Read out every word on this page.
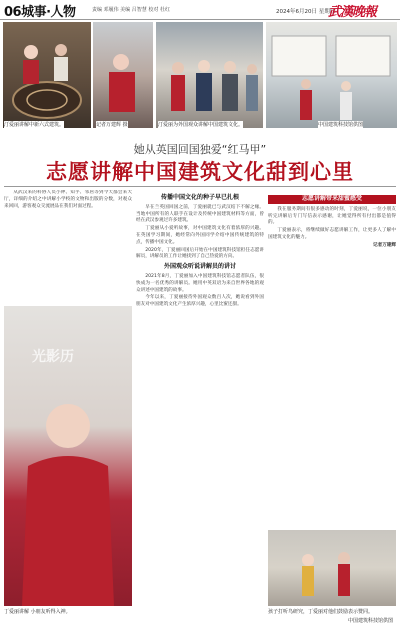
06城事·人物	责编 邓履伟 美编 吕智慧 校对 杜红	2024年6月20日 星期四
武漢晚報
汀爱丽讲解中新六式建筑。	记者万建辉 摄	汀爱丽为外国观众讲解中国建筑文化。	中国建筑科技馆供图
她从英国回国独爱“红马甲”
志愿讲解中国建筑文化甜到心里

从武汉来的科协人员小钟、知乎、邻居等到今天都会来大厅，详细的介绍之中讲解小学校的文物和出版的分数，对观众来回回，游客观众交流展品在我们对面过程。

传播中国文化的种子早已扎根

早在兰英国回国之前，丁爱丽就已与武汉结下不解之缘。当地中国所有的人联手在设计及传统中国建筑材料等方面，曾经在武汉参观过许多建筑。

丁爱丽从小爱听故事，对中国建筑文化有着浓厚的兴趣。在英国学习期间，她经常向外国同学介绍中国传统建筑的特点，传播中国文化。

2020年，丁爱丽回国后开始在中国建筑科技馆担任志愿讲解员，讲解员的工作让她找到了自己热爱的方向。

外国观众听说讲解员的讲讨

2021年8月，丁爱丽加入中国建筑科技馆志愿者队伍，很快成为一名优秀的讲解员。她用中英双语为来自世界各地的观众讲述中国建筑的故事。

今年以来，丁爱丽接待外国观众数百人次，她说看到外国朋友对中国建筑文化产生浓厚兴趣，心里比蜜还甜。

志愿讲解带来甜蜜感受

我在服务期间有很多感动的时刻，丁爱丽说，一位小朋友听完讲解后专门写信表示感谢，让她觉得所有付出都是值得的。

丁爱丽表示，将继续做好志愿讲解工作，让更多人了解中国建筑文化的魅力。

记者万建辉

光影历
丁爱丽讲解 小朋友听得入神。	孩子打听鸟研究，丁爱丽对他们鼓励表示赞同。
中国建筑科技馆供图
